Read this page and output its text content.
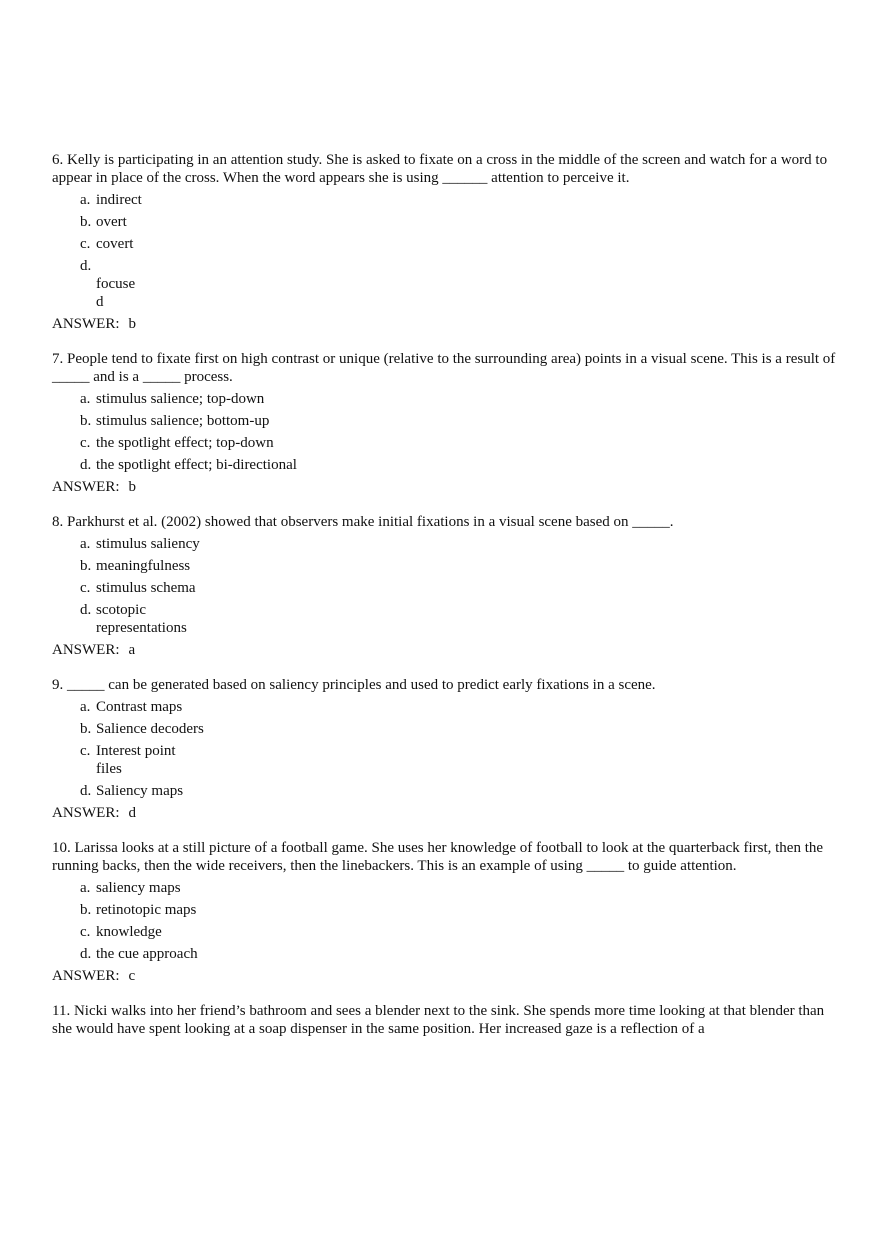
6. Kelly is participating in an attention study. She is asked to fixate on a cross in the middle of the screen and watch for a word to appear in place of the cross. When the word appears she is using ______ attention to perceive it.

a. indirect
b. overt
c. covert
d.
focused

ANSWER: b

7. People tend to fixate first on high contrast or unique (relative to the surrounding area) points in a visual scene. This is a result of _____ and is a _____ process.

a. stimulus salience; top-down
b. stimulus salience; bottom-up
c. the spotlight effect; top-down
d. the spotlight effect; bi-directional

ANSWER: b

8. Parkhurst et al. (2002) showed that observers make initial fixations in a visual scene based on _____.

a. stimulus saliency
b. meaningfulness
c. stimulus schema
d. scotopic representations

ANSWER: a

9. _____ can be generated based on saliency principles and used to predict early fixations in a scene.

a. Contrast maps
b. Salience decoders
c. Interest point files
d. Saliency maps

ANSWER: d

10. Larissa looks at a still picture of a football game. She uses her knowledge of football to look at the quarterback first, then the running backs, then the wide receivers, then the linebackers. This is an example of using _____ to guide attention.

a. saliency maps
b. retinotopic maps
c. knowledge
d. the cue approach

ANSWER: c

11. Nicki walks into her friend’s bathroom and sees a blender next to the sink. She spends more time looking at that blender than she would have spent looking at a soap dispenser in the same position. Her increased gaze is a reflection of a
